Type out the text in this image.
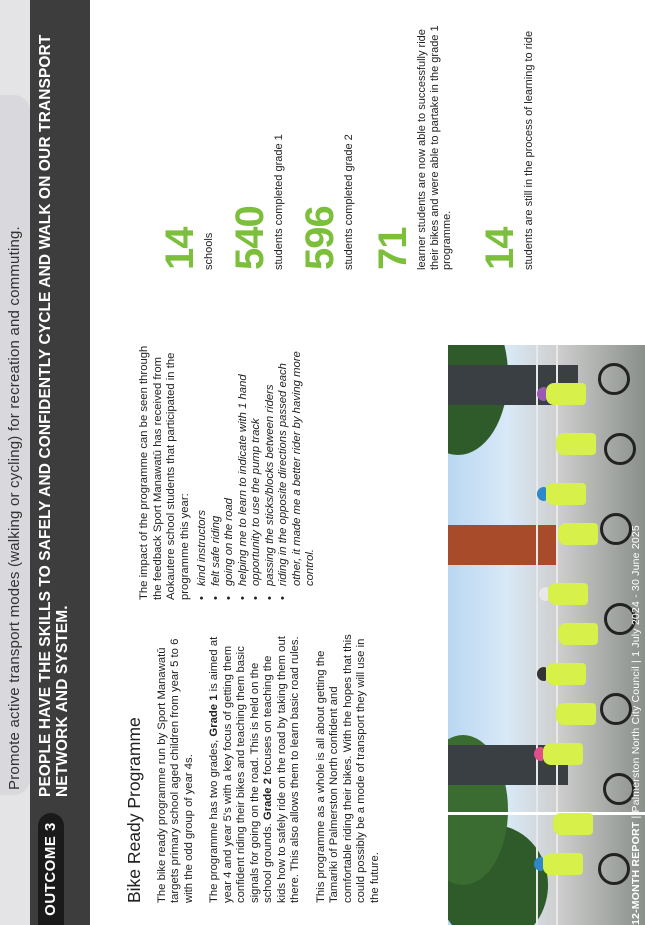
Promote active transport modes (walking or cycling) for recreation and commuting.
OUTCOME 3
PEOPLE HAVE THE SKILLS TO SAFELY AND CONFIDENTLY CYCLE AND WALK ON OUR TRANSPORT NETWORK AND SYSTEM.
Bike Ready Programme The bike ready programme run by Sport Manawatū targets primary school aged children from year 5 to 6 with the odd group of year 4s. The programme has two grades, Grade 1 is aimed at year 4 and year 5's with a key focus of getting them confident riding their bikes and teaching them basic signals for going on the road. This is held on the school grounds. Grade 2 focuses on teaching the kids how to safely ride on the road by taking them out there. This also allows them to learn basic road rules. This programme as a whole is all about getting the Tamariki of Palmerston North confident and comfortable riding their bikes. With the hopes that this could possibly be a mode of transport they will use in the future.

The impact of the programme can be seen through the feedback Sport Manawatū has received from Aokautere school students that participated in the programme this year: • kind instructors • felt safe riding • going on the road • helping me to learn to indicate with 1 hand • opportunity to use the pump track • passing the sticks/blocks between riders • riding in the opposite directions passed each other, it made me a better rider by having more control.
14 schools 540 students completed grade 1 596 students completed grade 2 71 learner students are now able to successfully ride their bikes and were able to partake in the grade 1 programme. 14 students are still in the process of learning to ride
12-MONTH REPORT | Palmerston North City Council | 1 July 2024 - 30 June 2025
